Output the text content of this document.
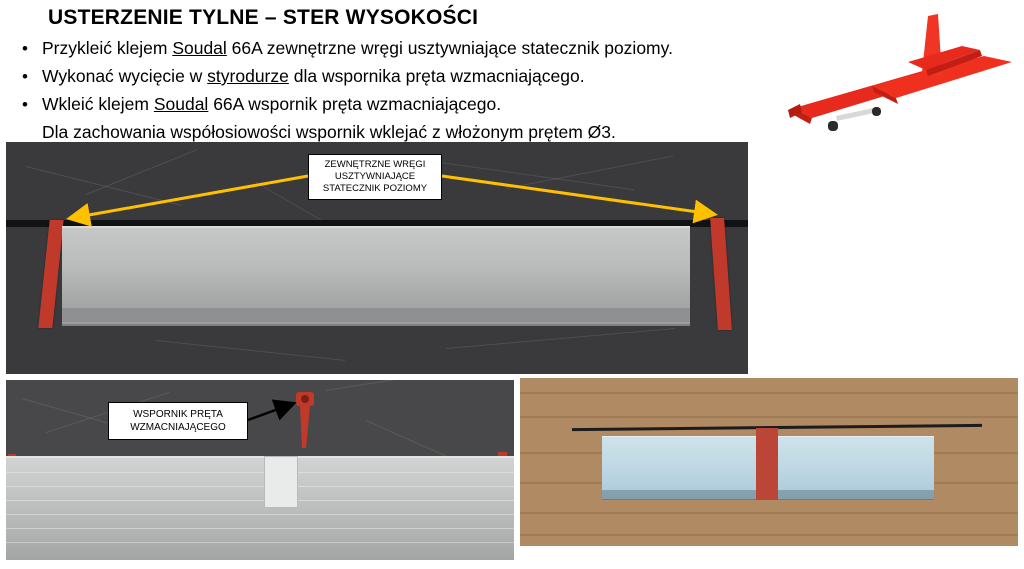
USTERZENIE TYLNE – STER WYSOKOŚCI
• Przykleić klejem Soudal 66A zewnętrzne wręgi usztywniające statecznik poziomy.
• Wykonać wycięcie w styrodurze dla wspornika pręta wzmacniającego.
• Wkleić klejem Soudal 66A wspornik pręta wzmacniającego.
Dla zachowania współosiowości wspornik wklejać z włożonym prętem Ø3.
ZEWNĘTRZNE WRĘGI
USZTYWNIAJĄCE
STATECZNIK POZIOMY
WSPORNIK PRĘTA
WZMACNIAJĄCEGO
